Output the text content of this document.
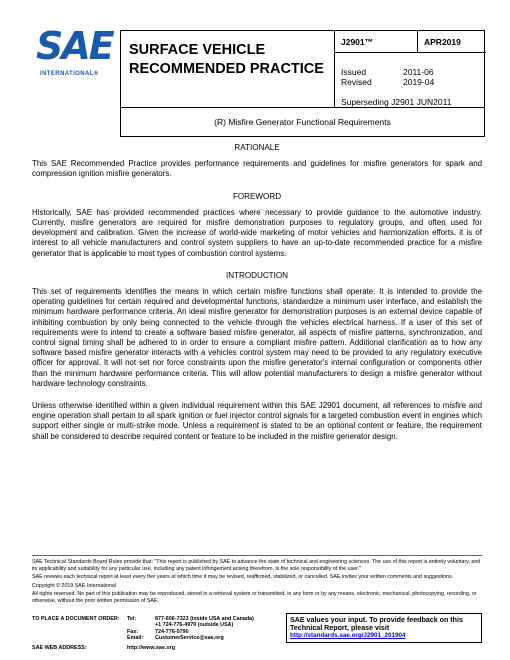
SAE
INTERNATIONAL®
SURFACE VEHICLE RECOMMENDED PRACTICE
J2901™	APR2019
Issued	2011-06
Revised	2019-04
Superseding J2901 JUN2011
(R) Misfire Generator Functional Requirements
RATIONALE

This SAE Recommended Practice provides performance requirements and guidelines for misfire generators for spark and compression ignition misfire generators.

FOREWORD

Historically, SAE has provided recommended practices where necessary to provide guidance to the automotive industry. Currently, misfire generators are required for misfire demonstration purposes to regulatory groups, and often used for development and calibration. Given the increase of world-wide marketing of motor vehicles and harmonization efforts, it is of interest to all vehicle manufacturers and control system suppliers to have an up-to-date recommended practice for a misfire generator that is applicable to most types of combustion control systems.

INTRODUCTION

This set of requirements identifies the means in which certain misfire functions shall operate. It is intended to provide the operating guidelines for certain required and developmental functions, standardize a minimum user interface, and establish the minimum hardware performance criteria. An ideal misfire generator for demonstration purposes is an external device capable of inhibiting combustion by only being connected to the vehicle through the vehicles electrical harness. If a user of this set of requirements were to intend to create a software based misfire generator, all aspects of misfire patterns, synchronization, and control signal timing shall be adhered to in order to ensure a compliant misfire pattern. Additional clarification as to how any software based misfire generator interacts with a vehicles control system may need to be provided to any regulatory executive officer for approval. It will not set nor force constraints upon the misfire generator's internal configuration or components other than the minimum hardware performance criteria. This will allow potential manufacturers to design a misfire generator without hardware technology constraints.

Unless otherwise identified within a given individual requirement within this SAE J2901 document, all references to misfire and engine operation shall pertain to all spark ignition or fuel injector control signals for a targeted combustion event in engines which support either single or multi-strike mode. Unless a requirement is stated to be an optional content or feature, the requirement shall be considered to describe required content or feature to be included in the misfire generator design.

SAE Technical Standards Board Rules provide that: "This report is published by SAE to advance the state of technical and engineering sciences. The use of this report is entirely voluntary, and its applicability and suitability for any particular use, including any patent infringement arising therefrom, is the sole responsibility of the user."

SAE reviews each technical report at least every five years at which time it may be revised, reaffirmed, stabilized, or cancelled. SAE invites your written comments and suggestions.

Copyright © 2019 SAE International

All rights reserved. No part of this publication may be reproduced, stored in a retrieval system or transmitted, in any form or by any means, electronic, mechanical, photocopying, recording, or otherwise, without the prior written permission of SAE.

TO PLACE A DOCUMENT ORDER:	Tel:	877-606-7323 (inside USA and Canada)
+1 724-776-4970 (outside USA)
Fax:	724-776-0790
Email: CustomerService@sae.org
SAE WEB ADDRESS:	http://www.sae.org
SAE values your input. To provide feedback on this Technical Report, please visit
http://standards.sae.org/J2901_201904
